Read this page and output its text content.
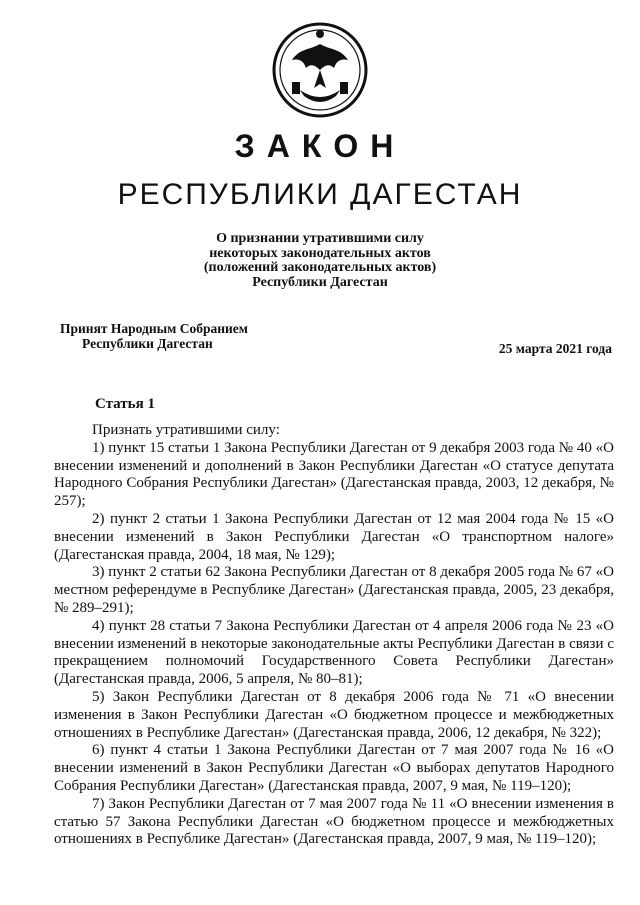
ЗАКОН
РЕСПУБЛИКИ ДАГЕСТАН
О признании утратившими силу
некоторых законодательных актов
(положений законодательных актов)
Республики Дагестан
Принят Народным Собранием
Республики Дагестан	25 марта 2021 года
Статья 1

Признать утратившими силу:

1) пункт 15 статьи 1 Закона Республики Дагестан от 9 декабря 2003 года № 40 «О внесении изменений и дополнений в Закон Республики Дагестан «О статусе депутата Народного Собрания Республики Дагестан» (Дагестанская правда, 2003, 12 декабря, № 257);

2) пункт 2 статьи 1 Закона Республики Дагестан от 12 мая 2004 года № 15 «О внесении изменений в Закон Республики Дагестан «О транспортном налоге» (Дагестанская правда, 2004, 18 мая, № 129);

3) пункт 2 статьи 62 Закона Республики Дагестан от 8 декабря 2005 года № 67 «О местном референдуме в Республике Дагестан» (Дагестанская правда, 2005, 23 декабря, № 289–291);

4) пункт 28 статьи 7 Закона Республики Дагестан от 4 апреля 2006 года № 23 «О внесении изменений в некоторые законодательные акты Республики Дагестан в связи с прекращением полномочий Государственного Совета Республики Дагестан» (Дагестанская правда, 2006, 5 апреля, № 80–81);

5) Закон Республики Дагестан от 8 декабря 2006 года № 71 «О внесении изменения в Закон Республики Дагестан «О бюджетном процессе и межбюджетных отношениях в Республике Дагестан» (Дагестанская правда, 2006, 12 декабря, № 322);

6) пункт 4 статьи 1 Закона Республики Дагестан от 7 мая 2007 года № 16 «О внесении изменений в Закон Республики Дагестан «О выборах депутатов Народного Собрания Республики Дагестан» (Дагестанская правда, 2007, 9 мая, № 119–120);

7) Закон Республики Дагестан от 7 мая 2007 года № 11 «О внесении изменения в статью 57 Закона Республики Дагестан «О бюджетном процессе и межбюджетных отношениях в Республике Дагестан» (Дагестанская правда, 2007, 9 мая, № 119–120);
